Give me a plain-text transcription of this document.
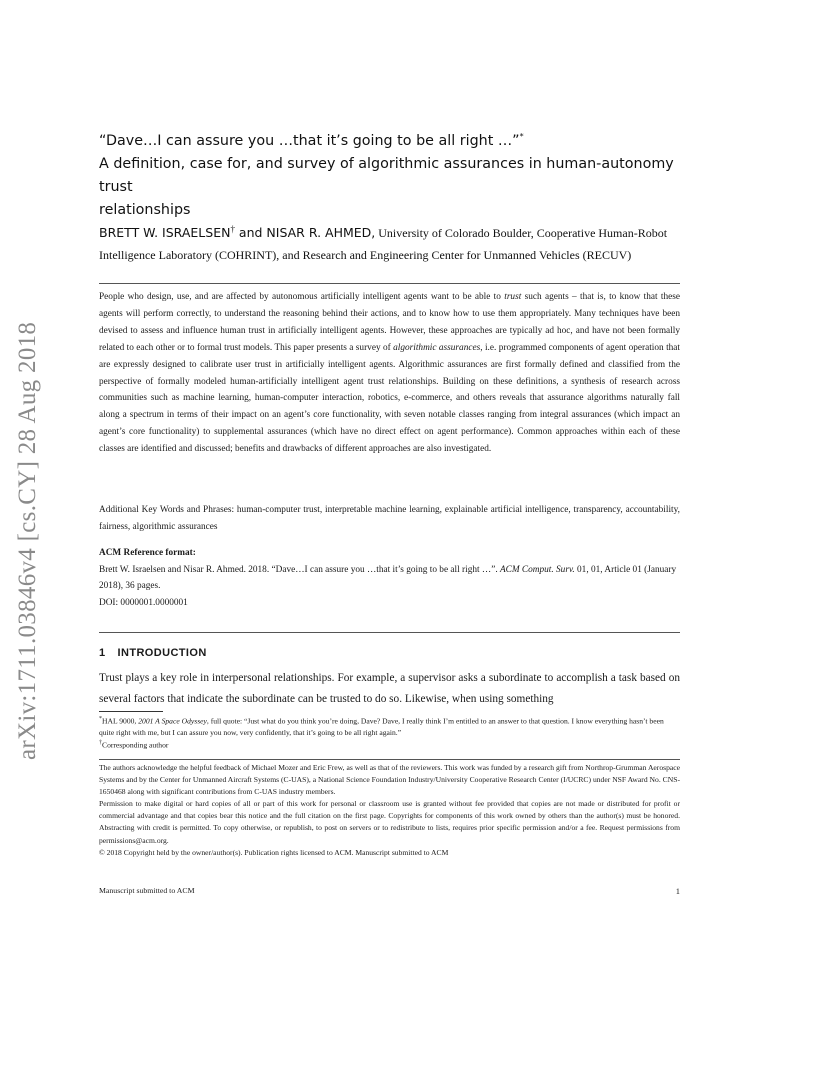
arXiv:1711.03846v4 [cs.CY] 28 Aug 2018
“Dave…I can assure you …that it’s going to be all right …”*
A definition, case for, and survey of algorithmic assurances in human-autonomy trust
relationships
BRETT W. ISRAELSEN† and NISAR R. AHMED, University of Colorado Boulder, Cooperative Human-Robot
Intelligence Laboratory (COHRINT), and Research and Engineering Center for Unmanned Vehicles (RECUV)
People who design, use, and are affected by autonomous artificially intelligent agents want to be able to trust such agents – that is, to know that these agents will perform correctly, to understand the reasoning behind their actions, and to know how to use them appropriately. Many techniques have been devised to assess and influence human trust in artificially intelligent agents. However, these approaches are typically ad hoc, and have not been formally related to each other or to formal trust models. This paper presents a survey of algorithmic assurances, i.e. programmed components of agent operation that are expressly designed to calibrate user trust in artificially intelligent agents. Algorithmic assurances are first formally defined and classified from the perspective of formally modeled human-artificially intelligent agent trust relationships. Building on these definitions, a synthesis of research across communities such as machine learning, human-computer interaction, robotics, e-commerce, and others reveals that assurance algorithms naturally fall along a spectrum in terms of their impact on an agent’s core functionality, with seven notable classes ranging from integral assurances (which impact an agent’s core functionality) to supplemental assurances (which have no direct effect on agent performance). Common approaches within each of these classes are identified and discussed; benefits and drawbacks of different approaches are also investigated.
Additional Key Words and Phrases: human-computer trust, interpretable machine learning, explainable artificial intelligence, transparency, accountability, fairness, algorithmic assurances
ACM Reference format:
Brett W. Israelsen and Nisar R. Ahmed. 2018. “Dave…I can assure you …that it’s going to be all right …”. ACM Comput. Surv. 01, 01, Article 01 (January 2018), 36 pages.
DOI: 0000001.0000001
1 INTRODUCTION
Trust plays a key role in interpersonal relationships. For example, a supervisor asks a subordinate to accomplish a task based on several factors that indicate the subordinate can be trusted to do so. Likewise, when using something
*HAL 9000, 2001 A Space Odyssey, full quote: “Just what do you think you’re doing, Dave? Dave, I really think I’m entitled to an answer to that question. I know everything hasn’t been quite right with me, but I can assure you now, very confidently, that it’s going to be all right again.”
†Corresponding author
The authors acknowledge the helpful feedback of Michael Mozer and Eric Frew, as well as that of the reviewers. This work was funded by a research gift from Northrop-Grumman Aerospace Systems and by the Center for Unmanned Aircraft Systems (C-UAS), a National Science Foundation Industry/University Cooperative Research Center (I/UCRC) under NSF Award No. CNS-1650468 along with significant contributions from C-UAS industry members.
Permission to make digital or hard copies of all or part of this work for personal or classroom use is granted without fee provided that copies are not made or distributed for profit or commercial advantage and that copies bear this notice and the full citation on the first page. Copyrights for components of this work owned by others than the author(s) must be honored. Abstracting with credit is permitted. To copy otherwise, or republish, to post on servers or to redistribute to lists, requires prior specific permission and/or a fee. Request permissions from permissions@acm.org.
© 2018 Copyright held by the owner/author(s). Publication rights licensed to ACM. Manuscript submitted to ACM
Manuscript submitted to ACM	1
